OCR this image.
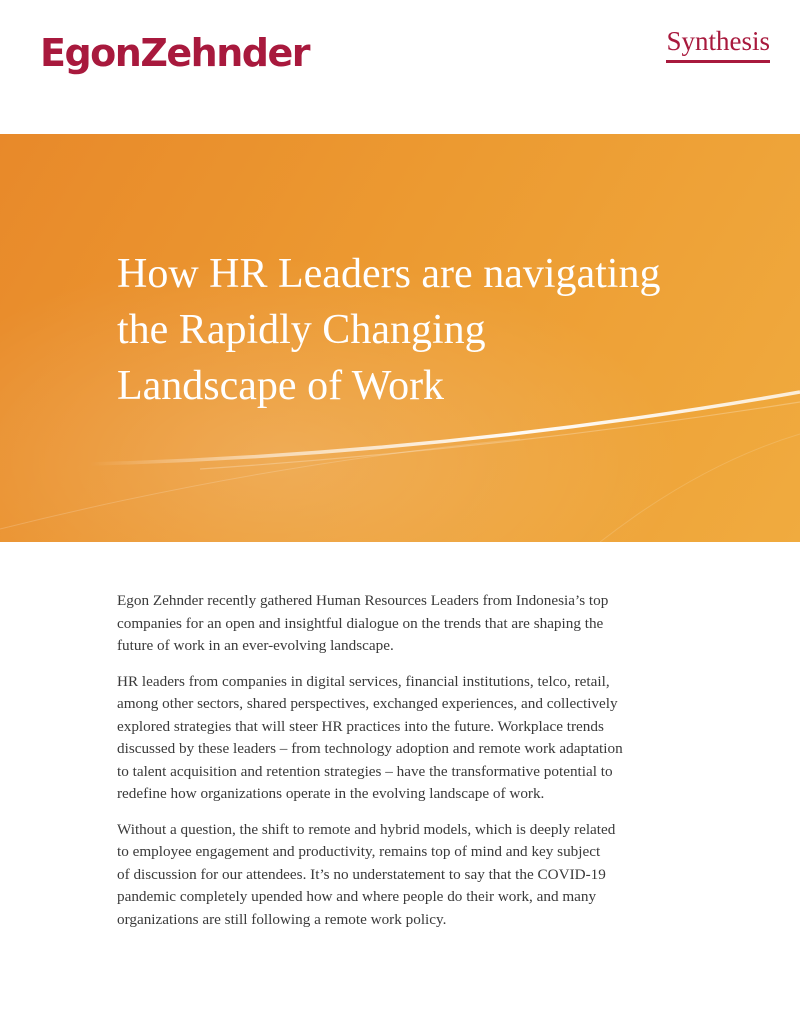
EgonZehnder	Synthesis
How HR Leaders are navigating
the Rapidly Changing
Landscape of Work

Egon Zehnder recently gathered Human Resources Leaders from Indonesia’s top
companies for an open and insightful dialogue on the trends that are shaping the
future of work in an ever-evolving landscape.

HR leaders from companies in digital services, financial institutions, telco, retail,
among other sectors, shared perspectives, exchanged experiences, and collectively
explored strategies that will steer HR practices into the future. Workplace trends
discussed by these leaders – from technology adoption and remote work adaptation
to talent acquisition and retention strategies – have the transformative potential to
redefine how organizations operate in the evolving landscape of work.

Without a question, the shift to remote and hybrid models, which is deeply related
to employee engagement and productivity, remains top of mind and key subject
of discussion for our attendees. It’s no understatement to say that the COVID-19
pandemic completely upended how and where people do their work, and many
organizations are still following a remote work policy.
